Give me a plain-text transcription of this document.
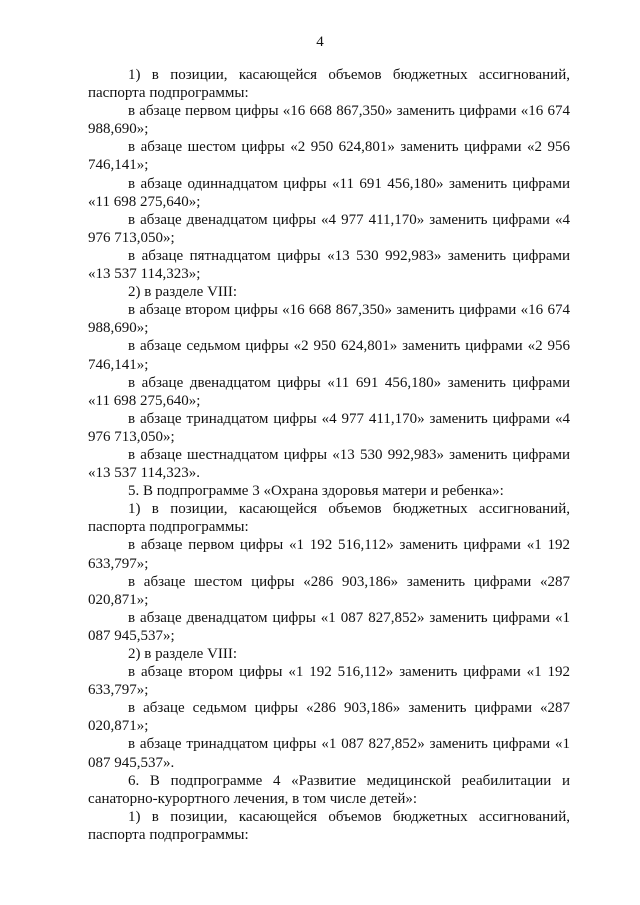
4

1) в позиции, касающейся объемов бюджетных ассигнований, паспорта подпрограммы:

в абзаце первом цифры «16 668 867,350» заменить цифрами «16 674 988,690»;

в абзаце шестом цифры «2 950 624,801» заменить цифрами «2 956 746,141»;

в абзаце одиннадцатом цифры «11 691 456,180» заменить цифрами «11 698 275,640»;

в абзаце двенадцатом цифры «4 977 411,170» заменить цифрами «4 976 713,050»;

в абзаце пятнадцатом цифры «13 530 992,983» заменить цифрами «13 537 114,323»;

2) в разделе VIII:

в абзаце втором цифры «16 668 867,350» заменить цифрами «16 674 988,690»;

в абзаце седьмом цифры «2 950 624,801» заменить цифрами «2 956 746,141»;

в абзаце двенадцатом цифры «11 691 456,180» заменить цифрами «11 698 275,640»;

в абзаце тринадцатом цифры «4 977 411,170» заменить цифрами «4 976 713,050»;

в абзаце шестнадцатом цифры «13 530 992,983» заменить цифрами «13 537 114,323».

5. В подпрограмме 3 «Охрана здоровья матери и ребенка»:

1) в позиции, касающейся объемов бюджетных ассигнований, паспорта подпрограммы:

в абзаце первом цифры «1 192 516,112» заменить цифрами «1 192 633,797»;

в абзаце шестом цифры «286 903,186» заменить цифрами «287 020,871»;

в абзаце двенадцатом цифры «1 087 827,852» заменить цифрами «1 087 945,537»;

2) в разделе VIII:

в абзаце втором цифры «1 192 516,112» заменить цифрами «1 192 633,797»;

в абзаце седьмом цифры «286 903,186» заменить цифрами «287 020,871»;

в абзаце тринадцатом цифры «1 087 827,852» заменить цифрами «1 087 945,537».

6. В подпрограмме 4 «Развитие медицинской реабилитации и санаторно-курортного лечения, в том числе детей»:

1) в позиции, касающейся объемов бюджетных ассигнований, паспорта подпрограммы:
